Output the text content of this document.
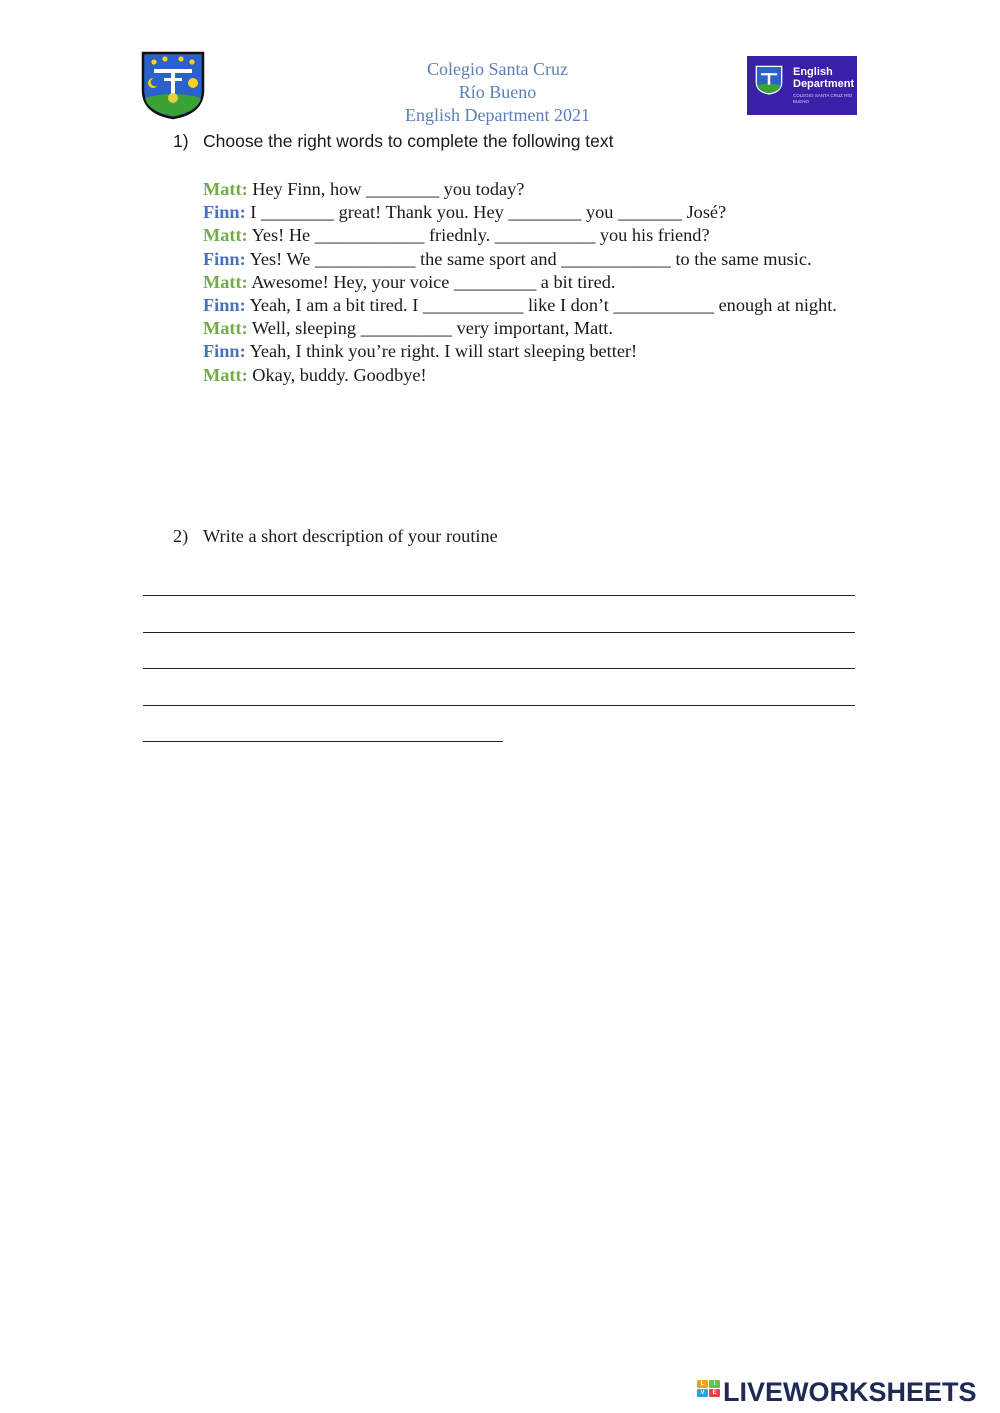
Colegio Santa Cruz
Río Bueno
English Department 2021
English
Department
COLEGIO SANTA CRUZ RÍO BUENO
1) Choose the right words to complete the following text

Matt: Hey Finn, how ________ you today?

Finn: I ________ great! Thank you. Hey ________ you _______ José?

Matt: Yes! He ____________ friednly. ___________ you his friend?

Finn: Yes! We ___________ the same sport and ____________ to the same music.

Matt: Awesome! Hey, your voice _________ a bit tired.

Finn: Yeah, I am a bit tired. I ___________ like I don’t ___________ enough at night.

Matt: Well, sleeping __________ very important, Matt.

Finn: Yeah, I think you’re right. I will start sleeping better!

Matt: Okay, buddy. Goodbye!

2) Write a short description of your routine
L	I
V	E LIVEWORKSHEETS
